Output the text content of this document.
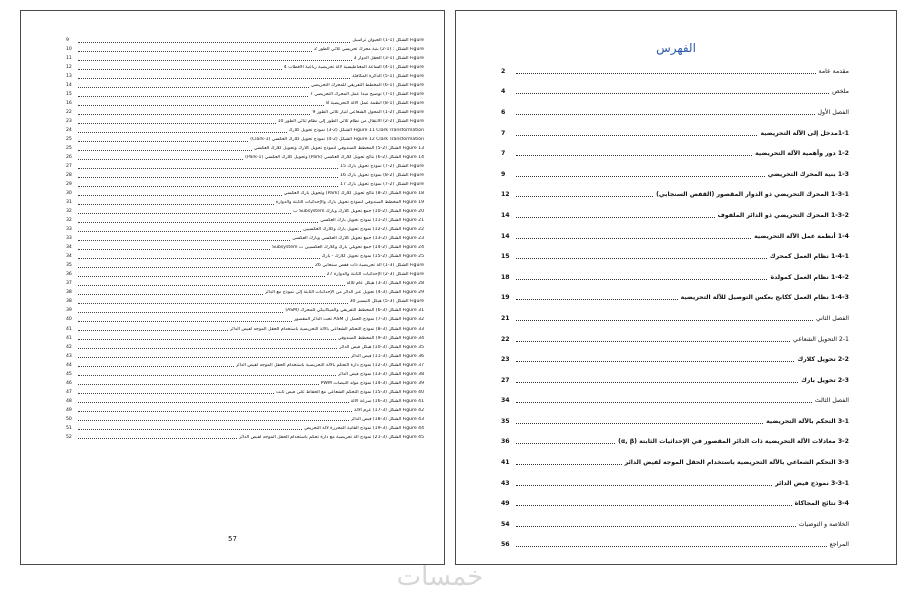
Figure الشكل (1-1) الحيوان تراسيل
9
Figure الشكل : (1-2) بنية محرك تحريضي ثلاثي الطور 2
10
Figure الشكل (1-3) الحقل الدوار 3
11
Figure الشكل (1-4) الساعة المغناطيسية لآلة تحريضية رباعية الأقطاب 4
12
Figure الشكل (1-5) الدائرة المكافئة
13
Figure الشكل (1-6) المخطط التفريقي للمحرك التحريضي
14
Figure الشكل (1-7) توضيح مبدأ عمل المحرك التحريضي 7
15
Figure الشكل (1-8) أنظمة عمل الآلة التحريضية 8
16
Figure الشكل (2-1) المحول الشعاعي لتيار ثلاثي الطور 9
22
Figure الشكل (2-2) الانتقال من نظام ثلاثي الطور إلى نظام ثنائي الطور 10
23
Figure 11 Clark Transformation الشكل (2-3) نموذج تحويل كلارك
24
Figure 12 Clark Transformation الشكل (2-4) نموذج تحويل كلارك العكسي (Clark-1)
25
Figure 13 الشكل (2-5) المخطط الصندوقي لنموذج تحويل كلارك وتحويل كلارك العكسي
25
Figure 14 الشكل (2-6) نتائج تحويل كلارك العكسي (Park) وتحويل كلارك العكسي (Park-1)
26
Figure الشكل (2-7) نموذج تحويل بارك 15
27
Figure الشكل (2-8) نموذج تحويل بارك 16
28
Figure الشكل (2-7) نموذج تحويل بارك 17
29
Figure 18 الشكل (2-8) نتائج تحويل كلارك (Park) وتحويل بارك العكسي
30
Figure 19 المخطط الصندوقي لنموذج تحويل بارك والإحداثيات الثابتة والدوارة
31
Figure 20 الشكل (2-10) جمع تحويل كلارك وبارك Subsystem ب
32
Figure 21 الشكل (2-11) نموذج تحويل بارك العكسي
32
Figure 22 الشكل (2-12) نموذج تحويل بارك وكلارك العكسيين
33
Figure 23 الشكل (2-13) جمع تحويل كلارك العكسي وبارك العكسي
33
Figure 24 الشكل (2-14) جمع تحويلي بارك وكلارك العكسيين ب Subsystem
34
Figure 25 الشكل (2-15) نموذج تحويل كلارك - بارك
34
Figure الشكل (3-1) آلة تحريضية ذات قفص سنجابي 26
35
Figure الشكل (3-2) الإحداثيات الثابتة والدوارة 27
36
Figure 28 الشكل (3-3) هيكل عام للآلة
37
Figure 29 الشكل (3-4) تحويل عبر الدائر من الإحداثيات الثابتة إلى نموذج مع الدائر
38
Figure الشكل (3-5) هيكل التيسير 30
38
Figure 31 الشكل (3-6) المخطط التفريقي والميكانيكي للمحرك (ASM)
39
Figure 32 الشكل (3-7) نموذج الحمل ل ASM تحت الدائر المقصور
40
Figure 33 الشكل (3-8) نموذج التحكم الشعاعي بالآلة التحريضية باستخدام الحقل الموجه لفيض الدائر
41
Figure 34 الشكل (3-9) المخطط الصندوقي
41
Figure 35 الشكل (3-10) هيكل فيض الدائر
42
Figure 36 الشكل (3-11) فيض الدائر
43
Figure 37 الشكل (3-12) نموذج دارة التحكم بالآلة التحريضية باستخدام الحقل الموجه لفيض الدائر
44
Figure 38 الشكل (3-13) نموذج فيض الدائر
45
Figure 39 الشكل (3-14) نموذج مولد النبضات PWM
46
Figure 40 الشكل (3-15) نموذج التحكم الشعاعي مع الحفاظ على فيض ثابت
47
Figure 41 الشكل (3-16) سرعة الآلة
48
Figure 42 الشكل (3-17) عزم الآلة
49
Figure 43 الشكل (3-18) فيض الدائر
50
Figure 44 الشكل (3-19) نموذج القانية المحررة لآلة التحريض
51
Figure 45 الشكل (3-21) نموذج آلة تحريضية مع دارة تحكم باستخدام الحقل الموجه لفيض الدائر
52
57
الفهرس
مقدمة عامة
2
ملخص
4
الفصل الأول
6
1-1مدخل إلى الآلة التحريضية
7
1-2 دور وأهمية الآلة التحريضية
7
1-3 بنية المحرك التحريضي
9
1-3-1 المحرك التحريضي ذو الدوار المقصور (القفص السنجابي)
12
1-3-2 المحرك التحريضي ذو الدائر الملفوف
14
1-4 أنظمة عمل الآلة التحريضية
14
1-4-1 نظام العمل كمحرك
15
1-4-2 نظام العمل كمولدة
18
1-4-3 نظام العمل ككابح بعكس التوصيل للآلة التحريضية
19
الفصل الثاني
21
2-1 التحويل الشعاعي
22
2-2 تحويل كلارك
23
2-3 تحويل بارك
27
الفصل الثالث
34
3-1 التحكم بالآلة التحريضية
35
3-2 معادلات الآلة التحريضية ذات الدائر المقصور في الإحداثيات الثابتة (α, β)
36
3-3 التحكم الشعاعي بالآلة التحريضية باستخدام الحقل الموجه لفيض الدائر
41
3-3-1 نموذج فيض الدائر
43
3-4 نتائج المحاكاة
49
الخلاصة و التوصيات
54
المراجع
56
خمسات
